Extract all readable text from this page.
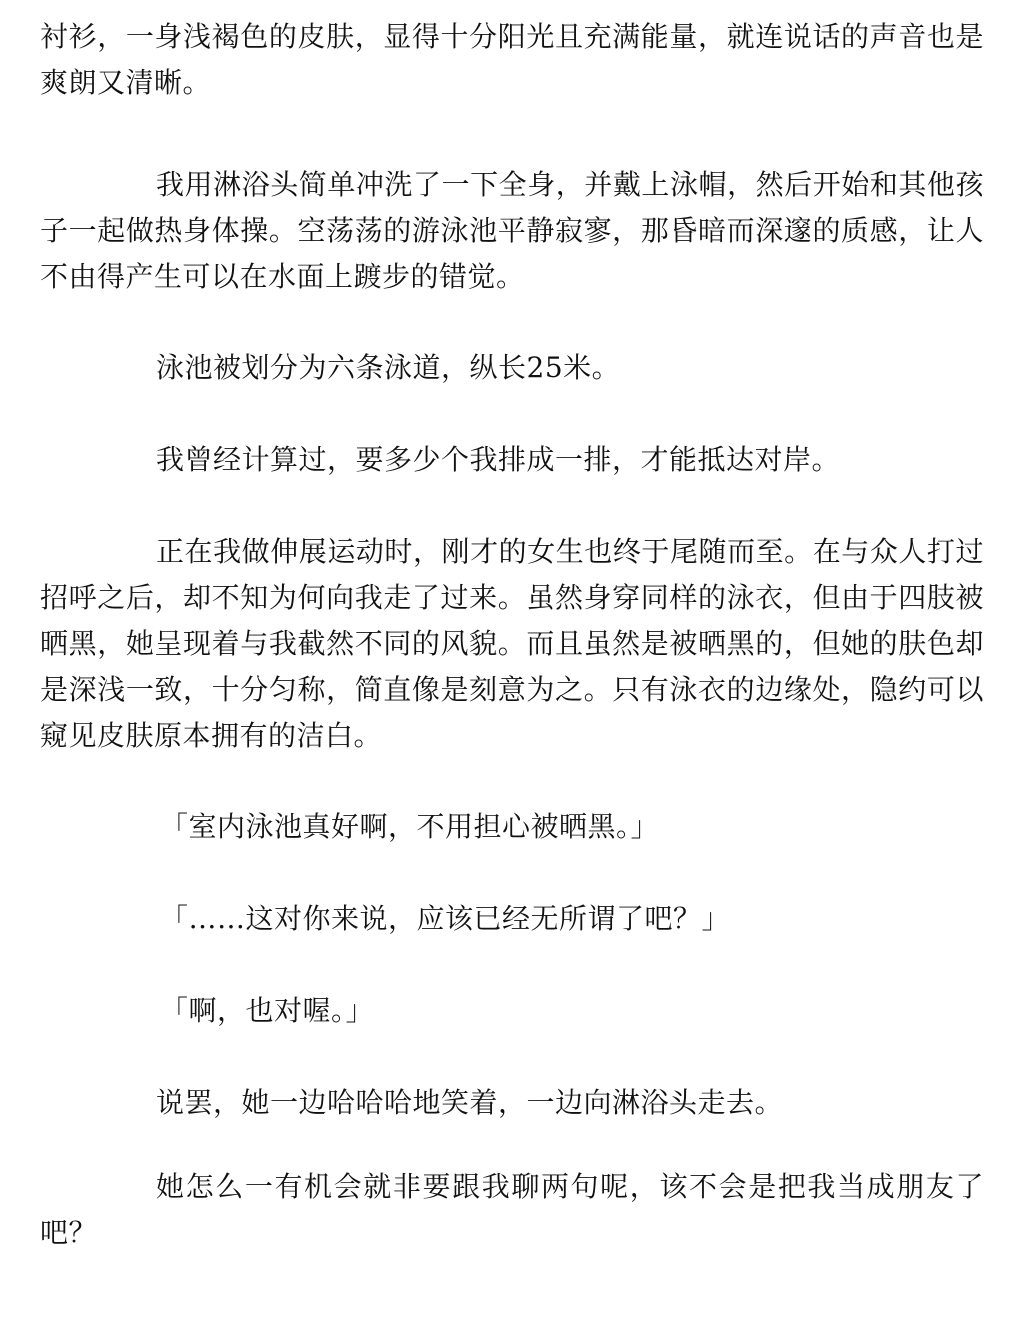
衬衫，一身浅褐色的皮肤，显得十分阳光且充满能量，就连说话的声音也是爽朗又清晰。

我用淋浴头简单冲洗了一下全身，并戴上泳帽，然后开始和其他孩子一起做热身体操。空荡荡的游泳池平静寂寥，那昏暗而深邃的质感，让人不由得产生可以在水面上踱步的错觉。

泳池被划分为六条泳道，纵长25米。

我曾经计算过，要多少个我排成一排，才能抵达对岸。

正在我做伸展运动时，刚才的女生也终于尾随而至。在与众人打过招呼之后，却不知为何向我走了过来。虽然身穿同样的泳衣，但由于四肢被晒黑，她呈现着与我截然不同的风貌。而且虽然是被晒黑的，但她的肤色却是深浅一致，十分匀称，简直像是刻意为之。只有泳衣的边缘处，隐约可以窥见皮肤原本拥有的洁白。

「室内泳池真好啊，不用担心被晒黑。」

「……这对你来说，应该已经无所谓了吧？」

「啊，也对喔。」

说罢，她一边哈哈哈地笑着，一边向淋浴头走去。

她怎么一有机会就非要跟我聊两句呢，该不会是把我当成朋友了吧？
